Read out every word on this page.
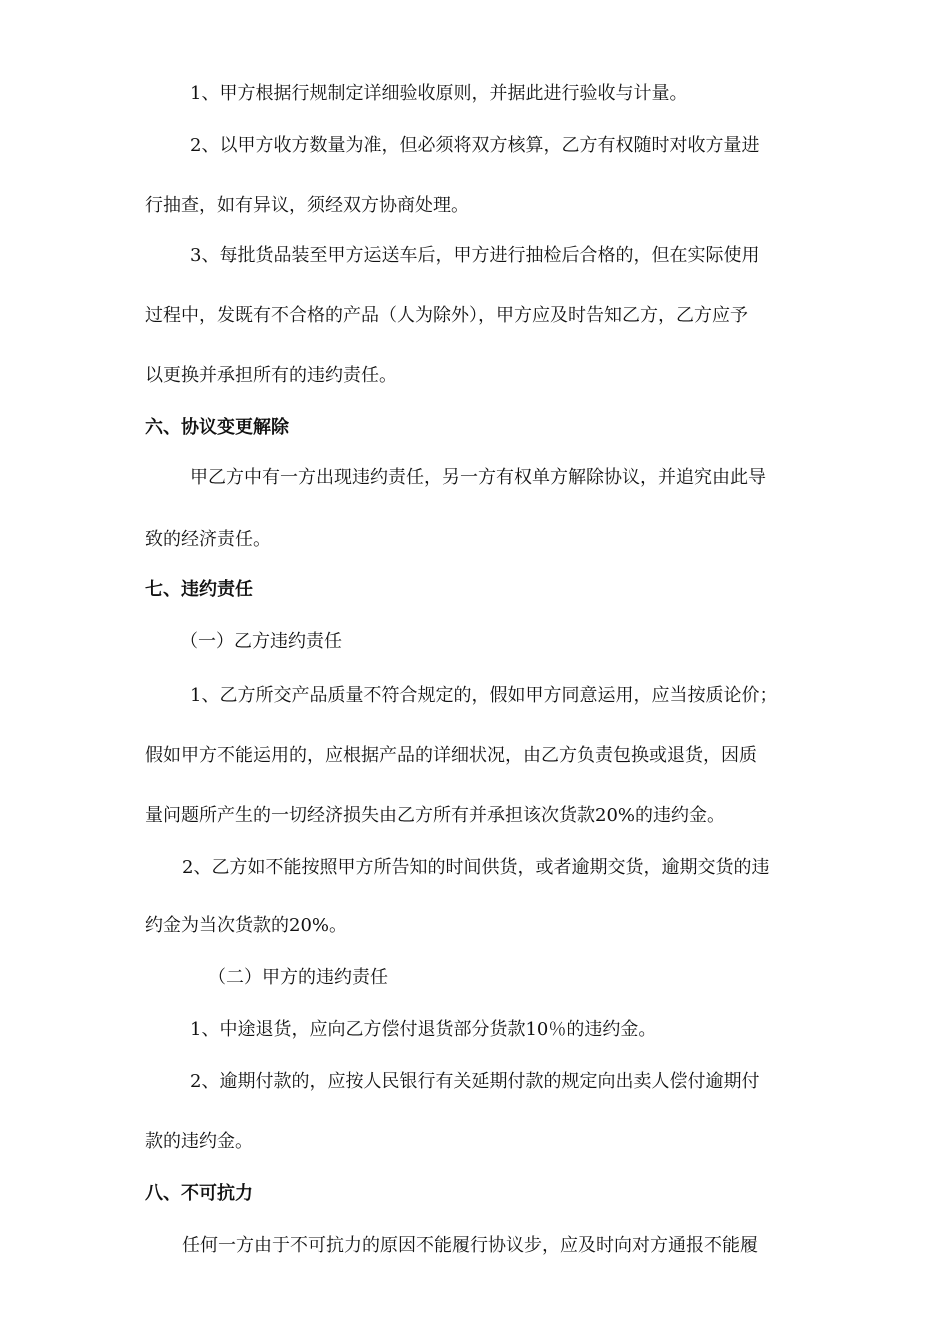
1、甲方根据行规制定详细验收原则，并据此进行验收与计量。
2、以甲方收方数量为准，但必须将双方核算，乙方有权随时对收方量进
行抽查，如有异议，须经双方协商处理。
3、每批货品装至甲方运送车后，甲方进行抽检后合格的，但在实际使用
过程中，发既有不合格的产品（人为除外），甲方应及时告知乙方，乙方应予
以更换并承担所有的违约责任。
六、协议变更解除
甲乙方中有一方出现违约责任，另一方有权单方解除协议，并追究由此导
致的经济责任。
七、违约责任
（一）乙方违约责任
1、乙方所交产品质量不符合规定的，假如甲方同意运用，应当按质论价；
假如甲方不能运用的，应根据产品的详细状况，由乙方负责包换或退货，因质
量问题所产生的一切经济损失由乙方所有并承担该次货款20%的违约金。
2、乙方如不能按照甲方所告知的时间供货，或者逾期交货，逾期交货的违
约金为当次货款的20%。
（二）甲方的违约责任
1、中途退货，应向乙方偿付退货部分货款10％的违约金。
2、逾期付款的，应按人民银行有关延期付款的规定向出卖人偿付逾期付
款的违约金。
八、不可抗力
任何一方由于不可抗力的原因不能履行协议步，应及时向对方通报不能履
